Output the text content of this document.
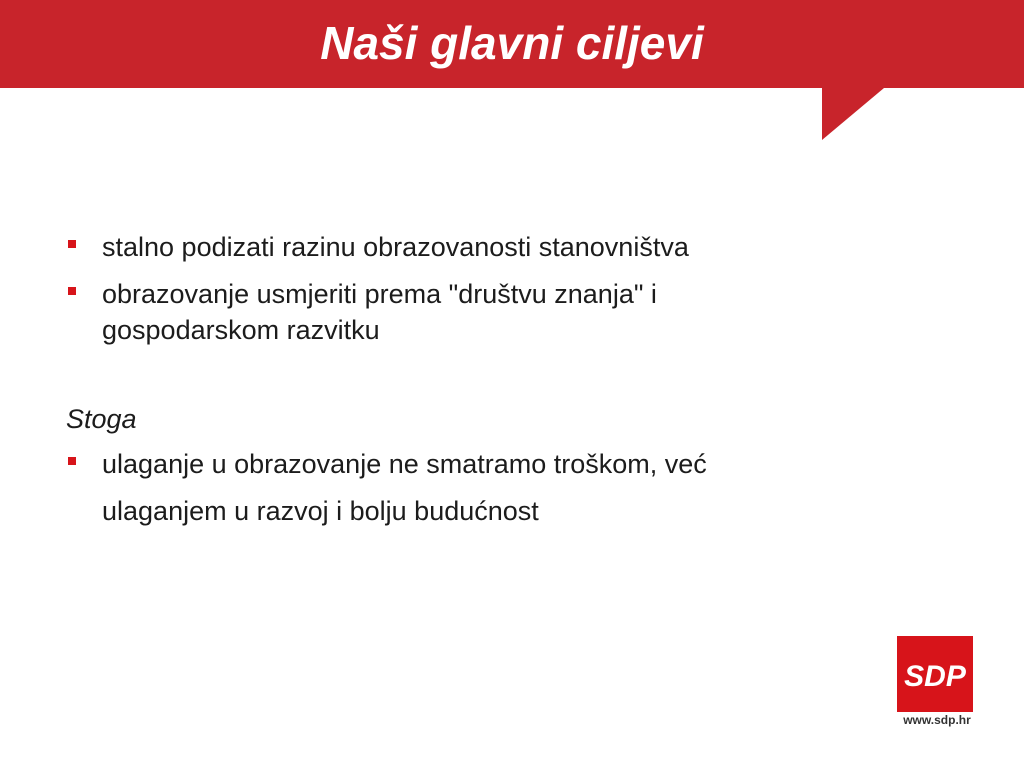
Naši glavni ciljevi
stalno podizati razinu obrazovanosti stanovništva
obrazovanje usmjeriti prema "društvu znanja" i
gospodarskom razvitku
Stoga
ulaganje u obrazovanje ne smatramo troškom, već
ulaganjem u razvoj i bolju budućnost
SDP
www.sdp.hr
